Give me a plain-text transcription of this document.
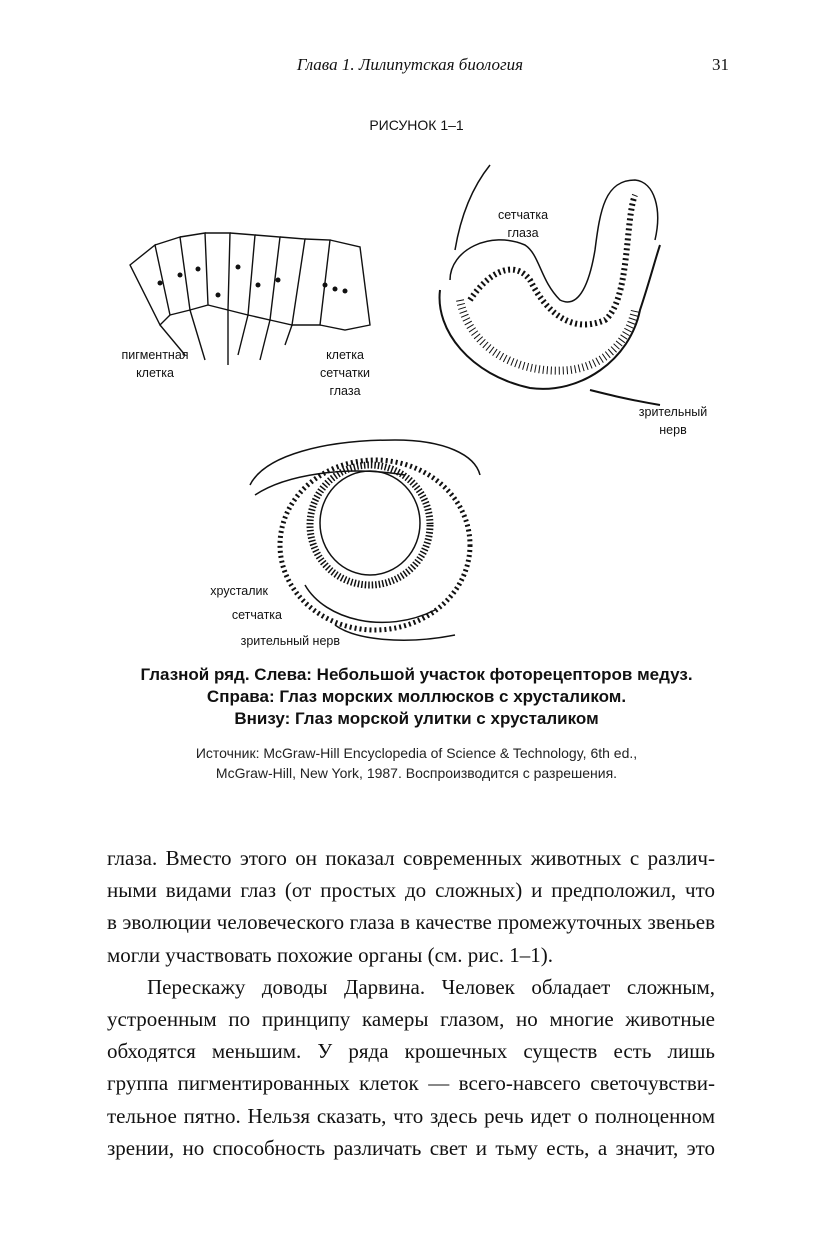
Глава 1. Лилипутская биология	31
РИСУНОК 1–1
пигментная
клетка
клетка
сетчатки
глаза
сетчатка
глаза
зрительный
нерв
хрусталик
сетчатка
зрительный нерв
Глазной ряд. Слева: Небольшой участок фоторецепторов медуз.
Справа: Глаз морских моллюсков с хрусталиком.
Внизу: Глаз морской улитки с хрусталиком
Источник: McGraw-Hill Encyclopedia of Science & Technology, 6th ed.,
McGraw-Hill, New York, 1987. Воспроизводится с разрешения.
глаза. Вместо этого он показал современных животных с различ-
ными видами глаз (от простых до сложных) и предположил, что
в эволюции человеческого глаза в качестве промежуточных звеньев
могли участвовать похожие органы (см. рис. 1–1).
Перескажу доводы Дарвина. Человек обладает сложным,
устроенным по принципу камеры глазом, но многие животные
обходятся меньшим. У ряда крошечных существ есть лишь
группа пигментированных клеток — всего-навсего светочувстви-
тельное пятно. Нельзя сказать, что здесь речь идет о полноценном
зрении, но способность различать свет и тьму есть, а значит, это
